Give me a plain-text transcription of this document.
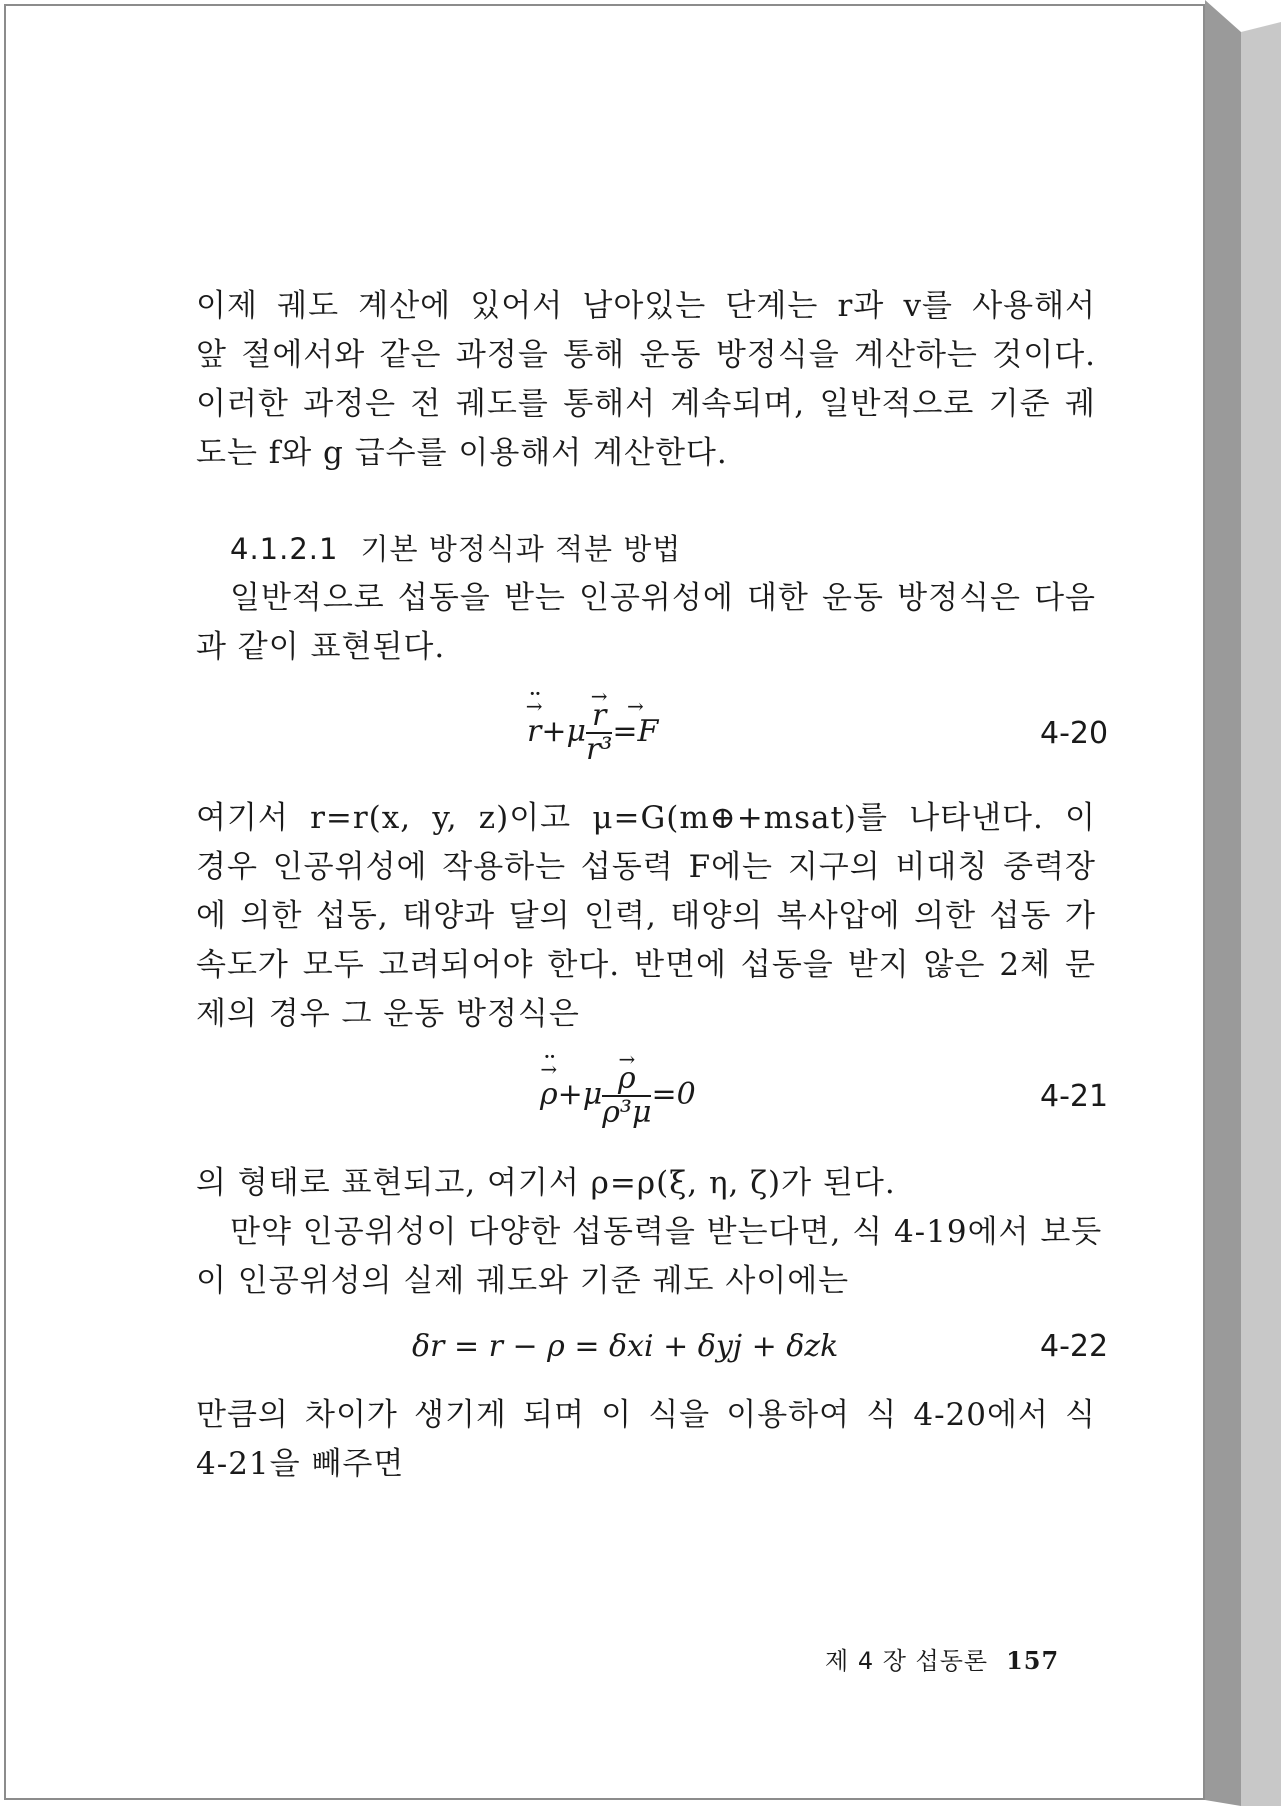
이제 궤도 계산에 있어서 남아있는 단계는 r과 v를 사용해서
앞 절에서와 같은 과정을 통해 운동 방정식을 계산하는 것이다.
이러한 과정은 전 궤도를 통해서 계속되며, 일반적으로 기준 궤
도는 f와 g 급수를 이용해서 계산한다.
4.1.2.1 기본 방정식과 적분 방법
일반적으로 섭동을 받는 인공위성에 대한 운동 방정식은 다음
과 같이 표현된다.
→ r ··+μ
→ $\frac{r}{\text{r³}}$
→ =F	4-20
여기서 r=r(x, y, z)이고 μ=G(m⊕+msat)를 나타낸다. 이
경우 인공위성에 작용하는 섭동력 F에는 지구의 비대칭 중력장
에 의한 섭동, 태양과 달의 인력, 태양의 복사압에 의한 섭동 가
속도가 모두 고려되어야 한다. 반면에 섭동을 받지 않은 2체 문
제의 경우 그 운동 방정식은
→ ρ ··+μ
→ $\frac{\rho}{\text{ρ³μ}} =0$	4-21
의 형태로 표현되고, 여기서 ρ=ρ(ξ, η, ζ)가 된다.
만약 인공위성이 다양한 섭동력을 받는다면, 식 4-19에서 보듯
이 인공위성의 실제 궤도와 기준 궤도 사이에는
δr = r − ρ = δxi + δyj + δzk	4-22
만큼의 차이가 생기게 되며 이 식을 이용하여 식 4-20에서 식
4-21을 빼주면
제 4 장 섭동론 157
